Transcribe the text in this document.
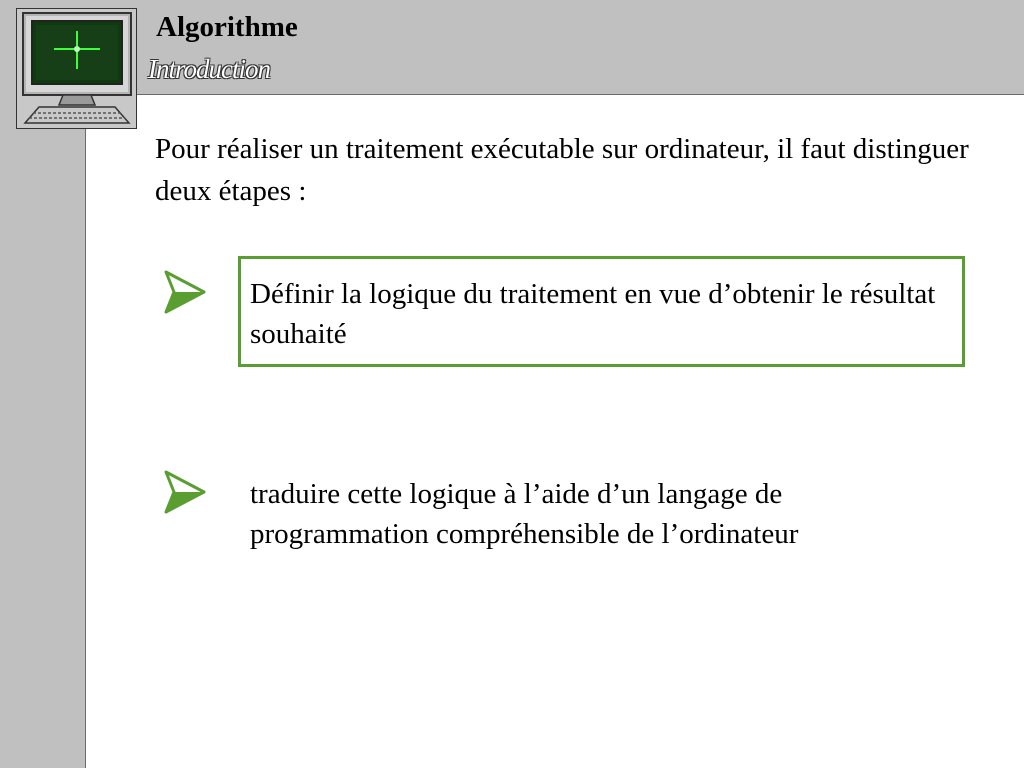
Algorithme
Introduction
Pour réaliser un traitement exécutable sur ordinateur, il faut distinguer deux étapes :
Définir la logique du traitement en vue d’obtenir le résultat souhaité
traduire cette logique à l’aide d’un langage de programmation compréhensible de l’ordinateur
